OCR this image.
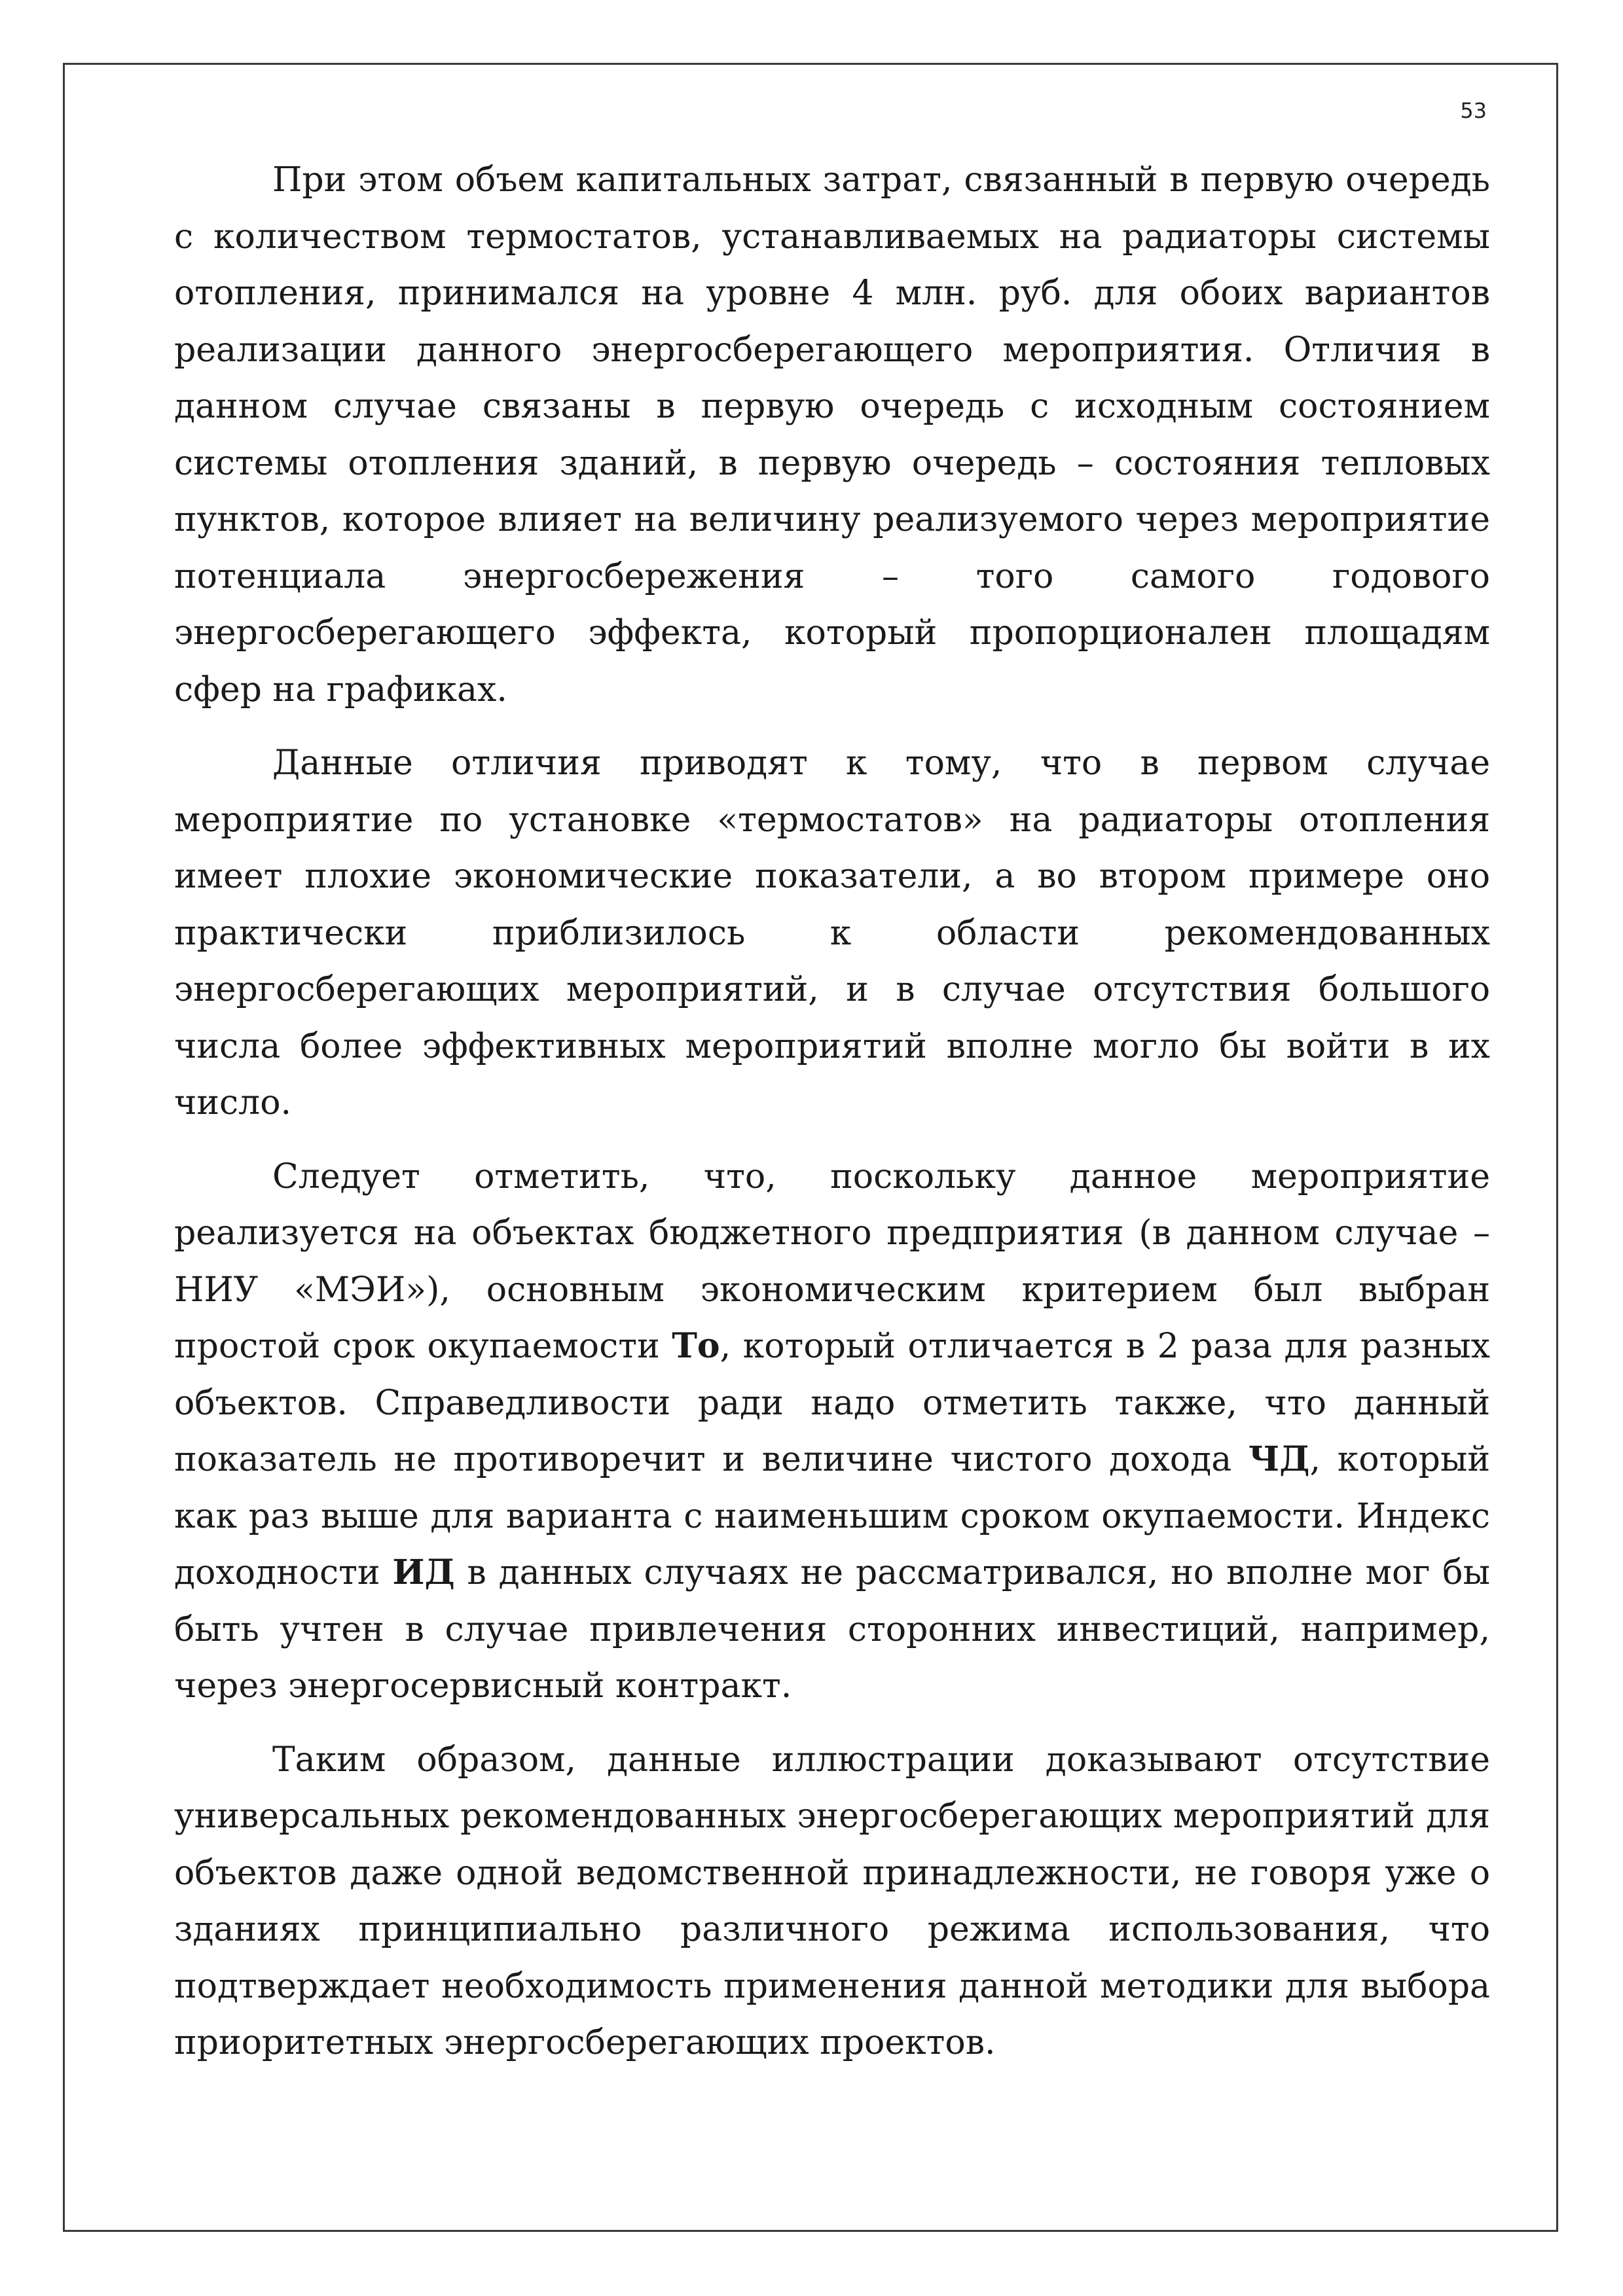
53

При этом объем капитальных затрат, связанный в первую очередь с количеством термостатов, устанавливаемых на радиаторы системы отопления, принимался на уровне 4 млн. руб. для обоих вариантов реализации данного энергосберегающего мероприятия. Отличия в данном случае связаны в первую очередь с исходным состоянием системы отопления зданий, в первую очередь – состояния тепловых пунктов, которое влияет на величину реализуемого через мероприятие потенциала энергосбережения – того самого годового энергосберегающего эффекта, который пропорционален площадям сфер на графиках.

Данные отличия приводят к тому, что в первом случае мероприятие по установке «термостатов» на радиаторы отопления имеет плохие экономические показатели, а во втором примере оно практически приблизилось к области рекомендованных энергосберегающих мероприятий, и в случае отсутствия большого числа более эффективных мероприятий вполне могло бы войти в их число.

Следует отметить, что, поскольку данное мероприятие реализуется на объектах бюджетного предприятия (в данном случае – НИУ «МЭИ»), основным экономическим критерием был выбран простой срок окупаемости То, который отличается в 2 раза для разных объектов. Справедливости ради надо отметить также, что данный показатель не противоречит и величине чистого дохода ЧД, который как раз выше для варианта с наименьшим сроком окупаемости. Индекс доходности ИД в данных случаях не рассматривался, но вполне мог бы быть учтен в случае привлечения сторонних инвестиций, например, через энергосервисный контракт.

Таким образом, данные иллюстрации доказывают отсутствие универсальных рекомендованных энергосберегающих мероприятий для объектов даже одной ведомственной принадлежности, не говоря уже о зданиях принципиально различного режима использования, что подтверждает необходимость применения данной методики для выбора приоритетных энергосберегающих проектов.
